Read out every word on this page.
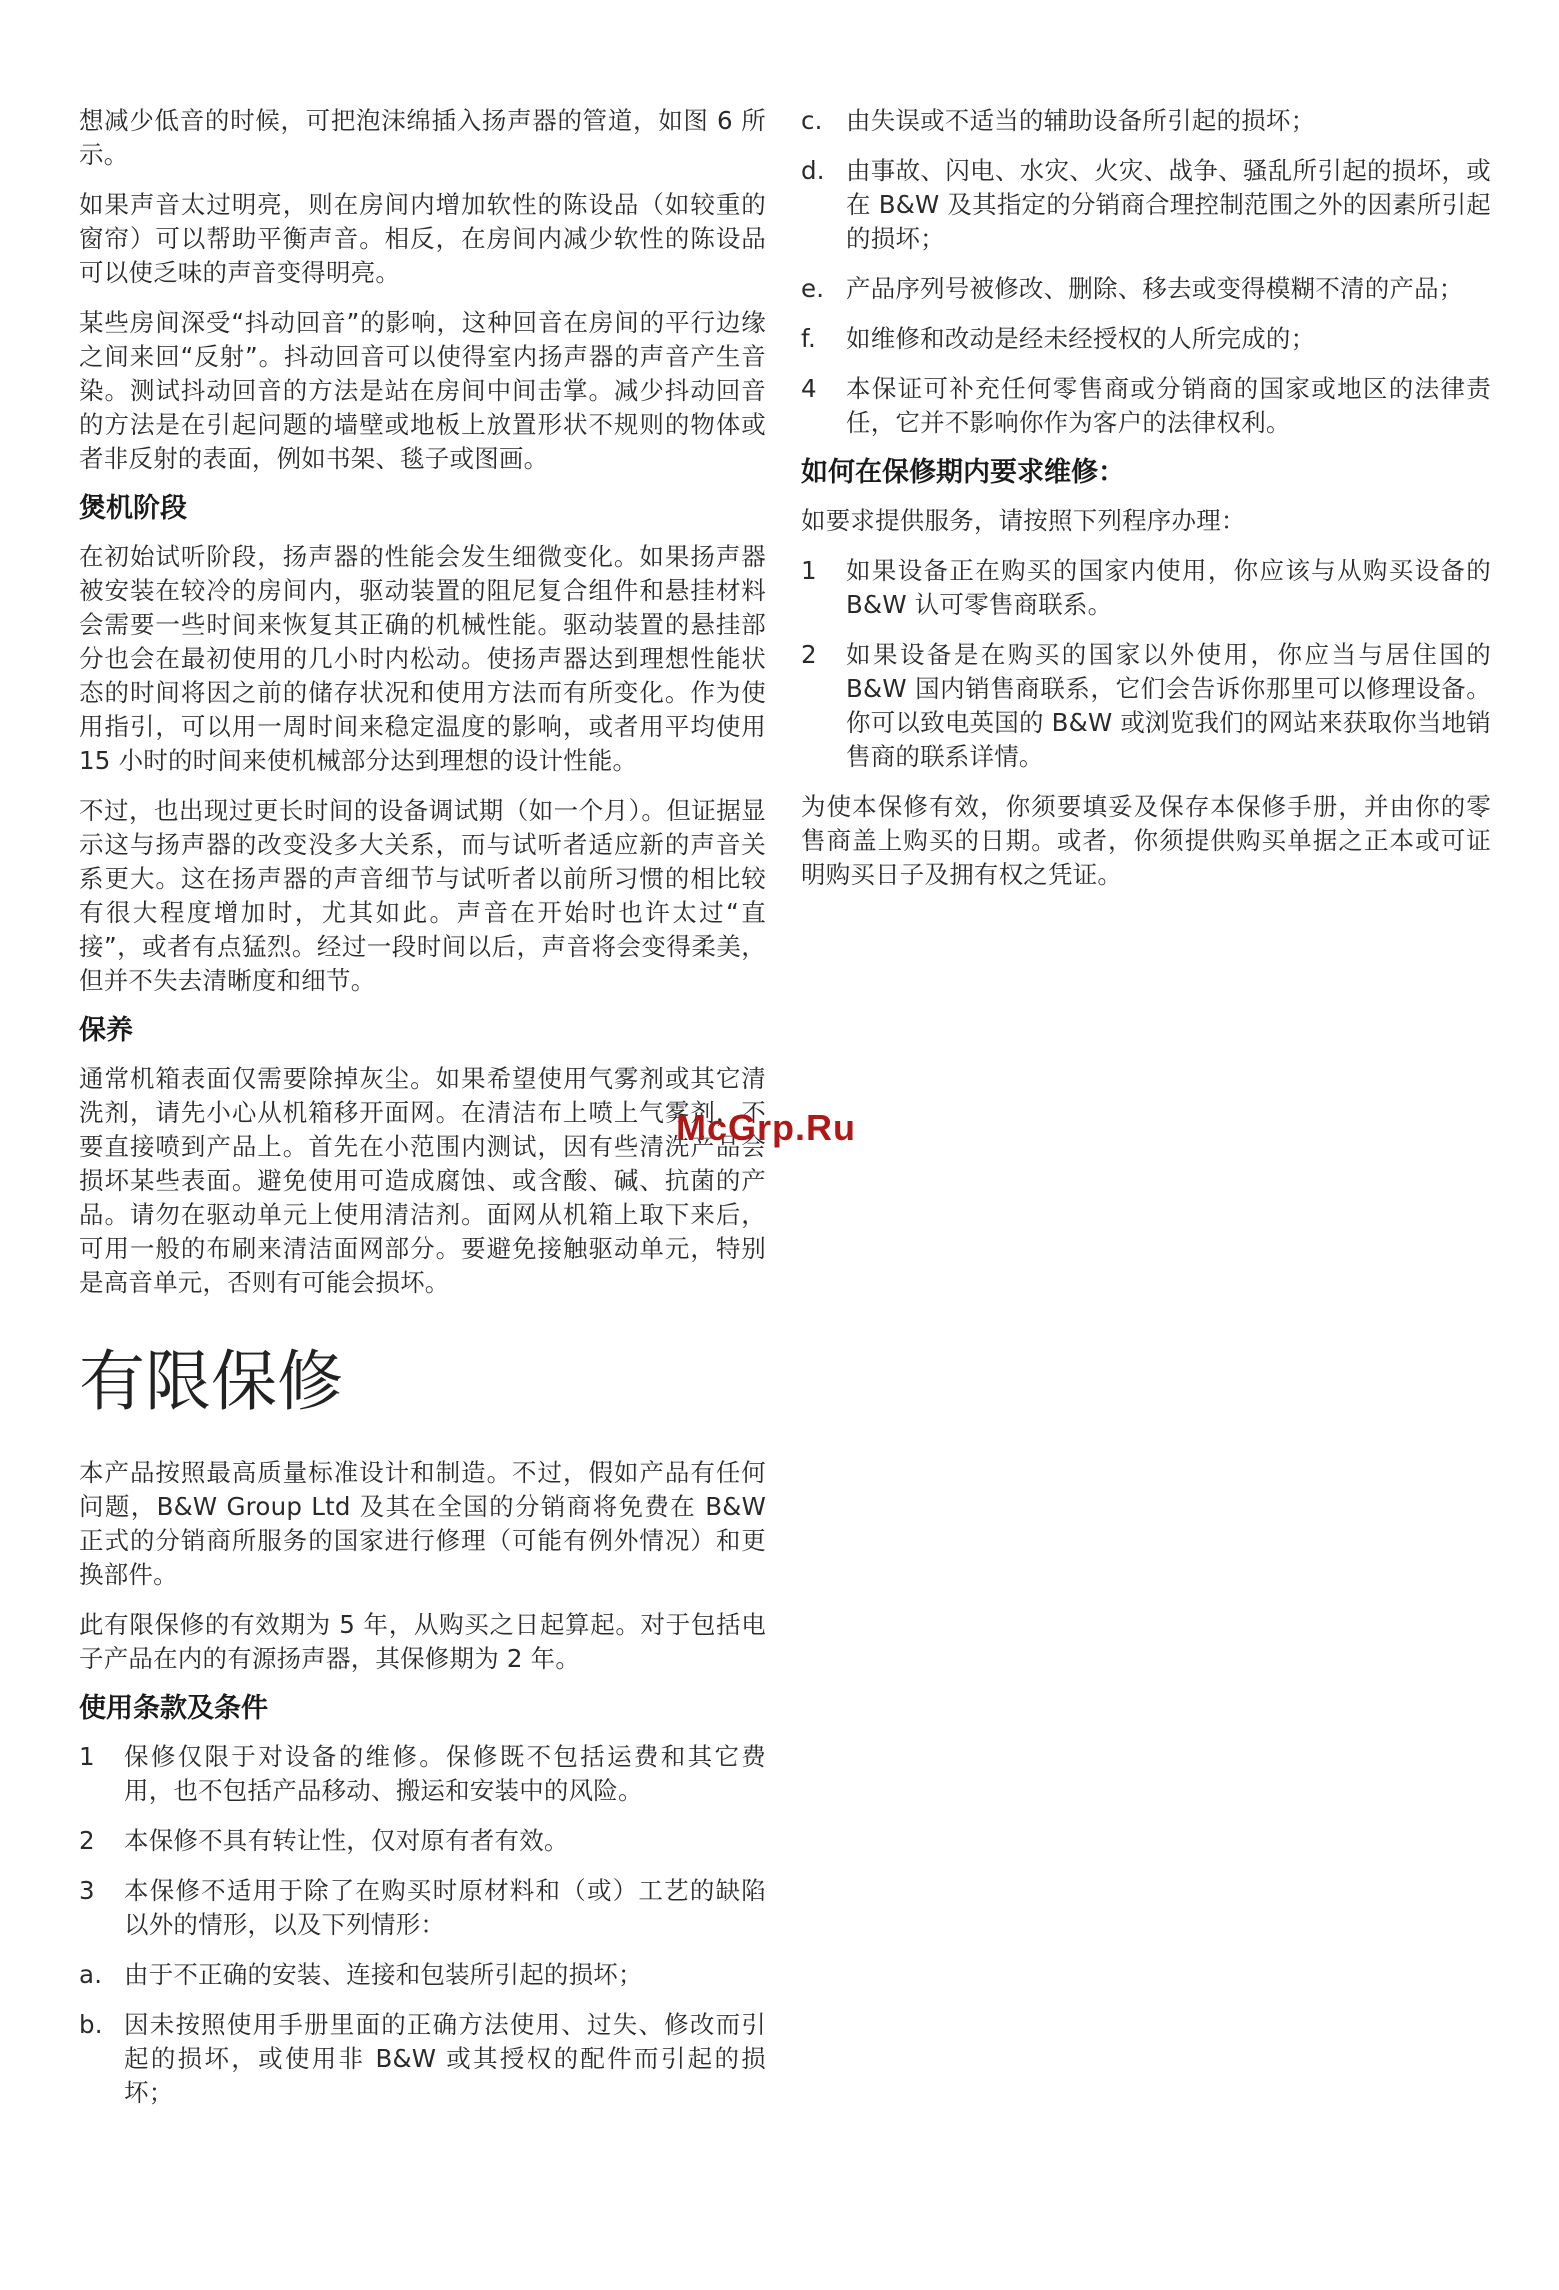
想减少低音的时候，可把泡沫绵插入扬声器的管道，如图 6 所示。

如果声音太过明亮，则在房间内增加软性的陈设品（如较重的窗帘）可以帮助平衡声音。相反，在房间内减少软性的陈设品可以使乏味的声音变得明亮。

某些房间深受“抖动回音”的影响，这种回音在房间的平行边缘之间来回“反射”。抖动回音可以使得室内扬声器的声音产生音染。测试抖动回音的方法是站在房间中间击掌。减少抖动回音的方法是在引起问题的墙壁或地板上放置形状不规则的物体或者非反射的表面，例如书架、毯子或图画。

煲机阶段

在初始试听阶段，扬声器的性能会发生细微变化。如果扬声器被安装在较冷的房间内，驱动装置的阻尼复合组件和悬挂材料会需要一些时间来恢复其正确的机械性能。驱动装置的悬挂部分也会在最初使用的几小时内松动。使扬声器达到理想性能状态的时间将因之前的储存状况和使用方法而有所变化。作为使用指引，可以用一周时间来稳定温度的影响，或者用平均使用 15 小时的时间来使机械部分达到理想的设计性能。

不过，也出现过更长时间的设备调试期（如一个月）。但证据显示这与扬声器的改变没多大关系，而与试听者适应新的声音关系更大。这在扬声器的声音细节与试听者以前所习惯的相比较有很大程度增加时，尤其如此。声音在开始时也许太过“直接”，或者有点猛烈。经过一段时间以后，声音将会变得柔美，但并不失去清晰度和细节。

保养

通常机箱表面仅需要除掉灰尘。如果希望使用气雾剂或其它清洗剂，请先小心从机箱移开面网。在清洁布上喷上气雾剂，不要直接喷到产品上。首先在小范围内测试，因有些清洗产品会损坏某些表面。避免使用可造成腐蚀、或含酸、碱、抗菌的产品。请勿在驱动单元上使用清洁剂。面网从机箱上取下来后，可用一般的布刷来清洁面网部分。要避免接触驱动单元，特别是高音单元，否则有可能会损坏。

有限保修

本产品按照最高质量标准设计和制造。不过，假如产品有任何问题，B&W Group Ltd 及其在全国的分销商将免费在 B&W 正式的分销商所服务的国家进行修理（可能有例外情况）和更换部件。

此有限保修的有效期为 5 年，从购买之日起算起。对于包括电子产品在内的有源扬声器，其保修期为 2 年。

使用条款及条件
1 保修仅限于对设备的维修。保修既不包括运费和其它费用，也不包括产品移动、搬运和安装中的风险。
2 本保修不具有转让性，仅对原有者有效。
3 本保修不适用于除了在购买时原材料和（或）工艺的缺陷以外的情形，以及下列情形：
a. 由于不正确的安装、连接和包装所引起的损坏；
b. 因未按照使用手册里面的正确方法使用、过失、修改而引起的损坏，或使用非 B&W 或其授权的配件而引起的损坏；
c. 由失误或不适当的辅助设备所引起的损坏；
d. 由事故、闪电、水灾、火灾、战争、骚乱所引起的损坏，或在 B&W 及其指定的分销商合理控制范围之外的因素所引起的损坏；
e. 产品序列号被修改、删除、移去或变得模糊不清的产品；
f. 如维修和改动是经未经授权的人所完成的；
4 本保证可补充任何零售商或分销商的国家或地区的法律责任，它并不影响你作为客户的法律权利。
如何在保修期内要求维修：

如要求提供服务，请按照下列程序办理：

1 如果设备正在购买的国家内使用，你应该与从购买设备的 B&W 认可零售商联系。
2 如果设备是在购买的国家以外使用，你应当与居住国的 B&W 国内销售商联系，它们会告诉你那里可以修理设备。你可以致电英国的 B&W 或浏览我们的网站来获取你当地销售商的联系详情。

为使本保修有效，你须要填妥及保存本保修手册，并由你的零售商盖上购买的日期。或者，你须提供购买单据之正本或可证明购买日子及拥有权之凭证。

McGrp.Ru
